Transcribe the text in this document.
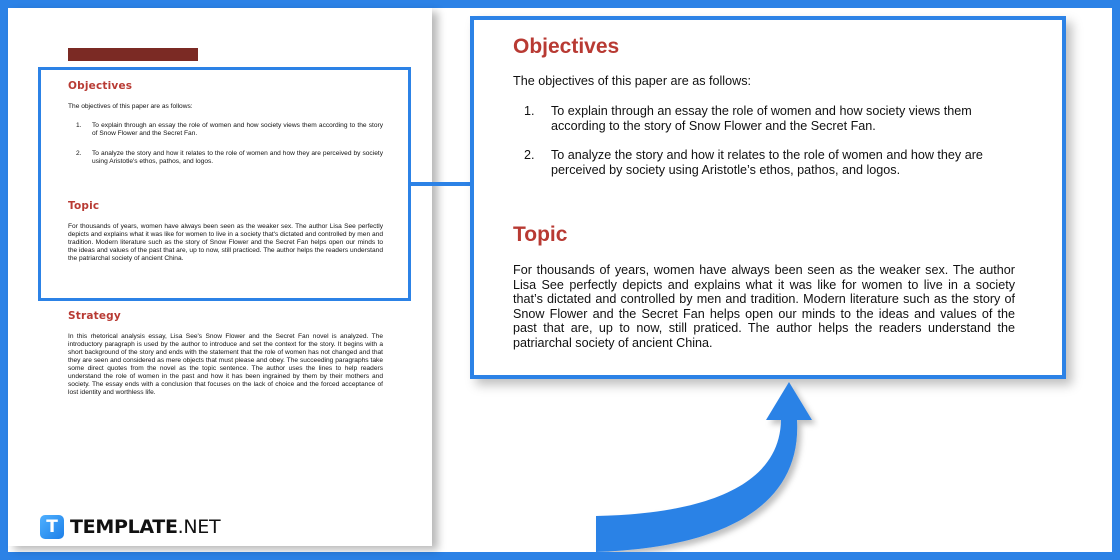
Objectives
The objectives of this paper are as follows:
1.	To explain through an essay the role of women and how society views them according to the story of Snow Flower and the Secret Fan.
2.	To analyze the story and how it relates to the role of women and how they are perceived by society using Aristotle's ethos, pathos, and logos.
Topic
For thousands of years, women have always been seen as the weaker sex. The author Lisa See perfectly depicts and explains what it was like for women to live in a society that's dictated and controlled by men and tradition. Modern literature such as the story of Snow Flower and the Secret Fan helps open our minds to the ideas and values of the past that are, up to now, still practiced. The author helps the readers understand the patriarchal society of ancient China.
Strategy
In this rhetorical analysis essay, Lisa See's Snow Flower and the Secret Fan novel is analyzed. The introductory paragraph is used by the author to introduce and set the context for the story. It begins with a short background of the story and ends with the statement that the role of women has not changed and that they are seen and considered as mere objects that must please and obey. The succeeding paragraphs take some direct quotes from the novel as the topic sentence. The author uses the lines to help readers understand the role of women in the past and how it has been ingrained by them by their mothers and society. The essay ends with a conclusion that focuses on the lack of choice and the forced acceptance of lost identity and worthless life.
Objectives
The objectives of this paper are as follows:
1.	To explain through an essay the role of women and how society views them according to the story of Snow Flower and the Secret Fan.
2.	To analyze the story and how it relates to the role of women and how they are perceived by society using Aristotle’s ethos, pathos, and logos.
Topic
For thousands of years, women have always been seen as the weaker sex. The author Lisa See perfectly depicts and explains what it was like for women to live in a society that’s dictated and controlled by men and tradition. Modern literature such as the story of Snow Flower and the Secret Fan helps open our minds to the ideas and values of the past that are, up to now, still praticed. The author helps the readers understand the patriarchal society of ancient China.
T TEMPLATE.NET
